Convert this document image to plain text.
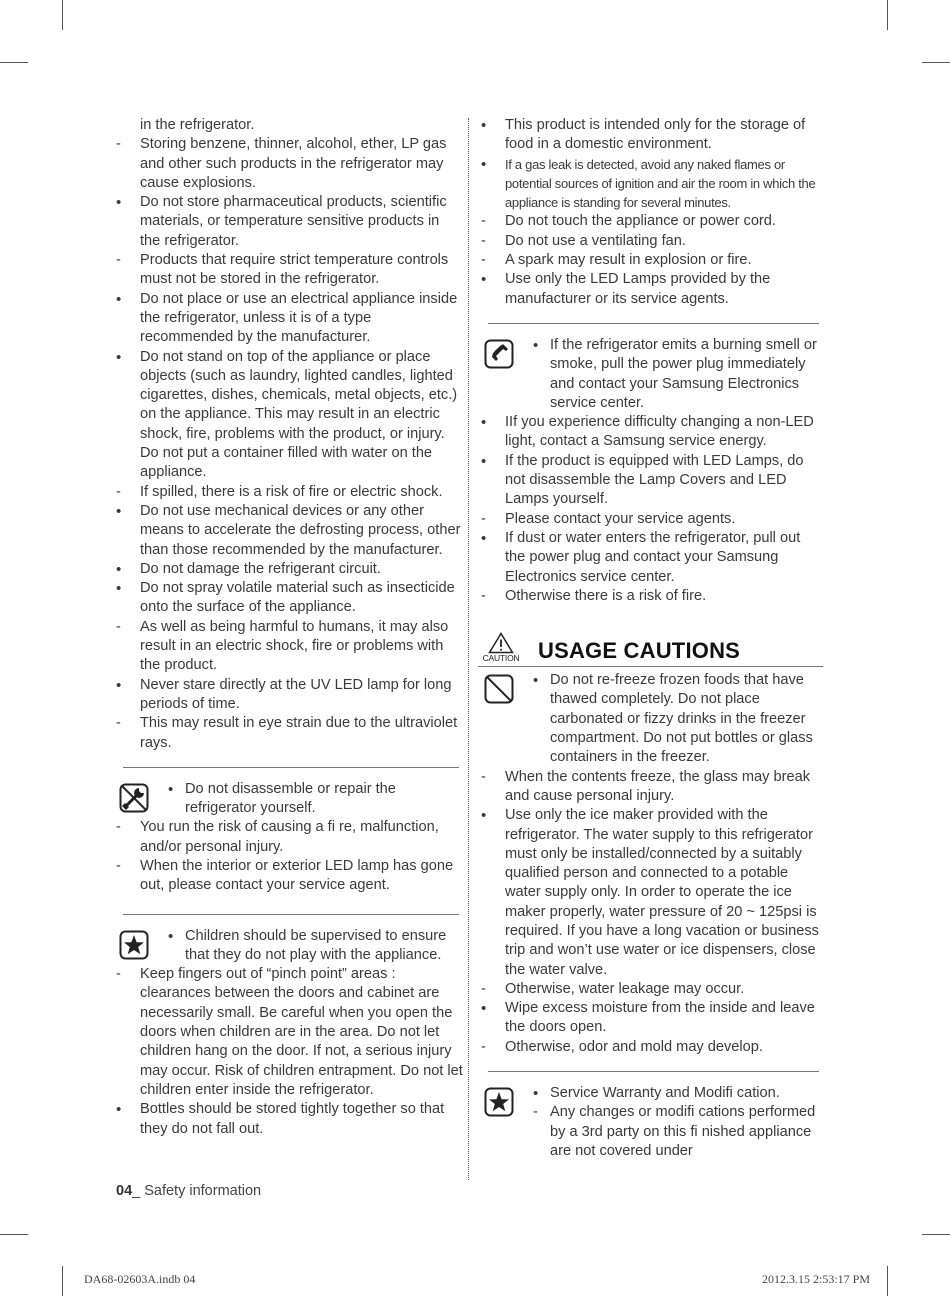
in the refrigerator.
-
Storing benzene, thinner, alcohol, ether, LP gas and other such products in the refrigerator may cause explosions.
•
Do not store pharmaceutical products, scientific materials, or temperature sensitive products in the refrigerator.
-
Products that require strict temperature controls must not be stored in the refrigerator.
•
Do not place or use an electrical appliance inside the refrigerator, unless it is of a type recommended by the manufacturer.
•
Do not stand on top of the appliance or place objects (such as laundry, lighted candles, lighted cigarettes, dishes, chemicals, metal objects, etc.) on the appliance. This may result in an electric shock, fire, problems with the product, or injury. Do not put a container filled with water on the appliance.
-
If spilled, there is a risk of fire or electric shock.
•
Do not use mechanical devices or any other means to accelerate the defrosting process, other than those recommended by the manufacturer.
•
Do not damage the refrigerant circuit.
•
Do not spray volatile material such as insecticide onto the surface of the appliance.
-
As well as being harmful to humans, it may also result in an electric shock, fire or problems with the product.
•
Never stare directly at the UV LED lamp for long periods of time.
-
This may result in eye strain due to the ultraviolet rays.
• Do not disassemble or repair the refrigerator yourself.
-
You run the risk of causing a fi re, malfunction, and/or personal injury.
-
When the interior or exterior LED lamp has gone out, please contact your service agent.
• Children should be supervised to ensure that they do not play with the appliance.
-
Keep fingers out of “pinch point” areas : clearances between the doors and cabinet are necessarily small. Be careful when you open the doors when children are in the area. Do not let children hang on the door. If not, a serious injury may occur. Risk of children entrapment. Do not let children enter inside the refrigerator.
•
Bottles should be stored tightly together so that they do not fall out.
•
This product is intended only for the storage of food in a domestic environment.
•
If a gas leak is detected, avoid any naked flames or potential sources of ignition and air the room in which the appliance is standing for several minutes.
-
Do not touch the appliance or power cord.
-
Do not use a ventilating fan.
-
A spark may result in explosion or fire.
•
Use only the LED Lamps provided by the manufacturer or its service agents.
• If the refrigerator emits a burning smell or smoke, pull the power plug immediately and contact your Samsung Electronics service center.
•
IIf you experience difficulty changing a non-LED light, contact a Samsung service energy.
•
If the product is equipped with LED Lamps, do not disassemble the Lamp Covers and LED Lamps yourself.
-
Please contact your service agents.
•
If dust or water enters the refrigerator, pull out the power plug and contact your Samsung Electronics service center.
-
Otherwise there is a risk of fire.
CAUTION USAGE CAUTIONS
• Do not re-freeze frozen foods that have thawed completely. Do not place carbonated or fizzy drinks in the freezer compartment. Do not put bottles or glass containers in the freezer.
-
When the contents freeze, the glass may break and cause personal injury.
•
Use only the ice maker provided with the refrigerator. The water supply to this refrigerator must only be installed/connected by a suitably qualified person and connected to a potable water supply only. In order to operate the ice maker properly, water pressure of 20 ~ 125psi is required. If you have a long vacation or business trip and won’t use water or ice dispensers, close the water valve.
-
Otherwise, water leakage may occur.
•
Wipe excess moisture from the inside and leave the doors open.
-
Otherwise, odor and mold may develop.
• Service Warranty and Modifi cation.
- Any changes or modifi cations performed by a 3rd party on this fi nished appliance are not covered under
04_ Safety information
DA68-02603A.indb 04	2012.3.15 2:53:17 PM
